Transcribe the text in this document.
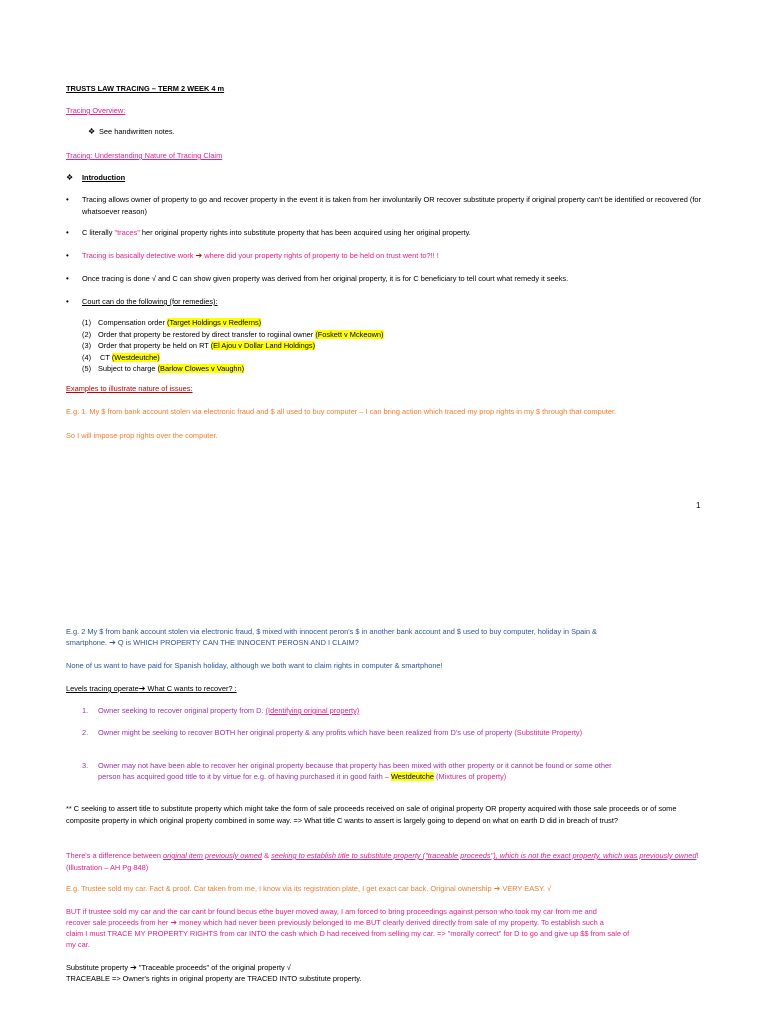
TRUSTS LAW TRACING – TERM 2 WEEK 4 m

Tracing Overview:

❖ See handwritten notes.

Tracing: Understanding Nature of Tracing Claim

❖ Introduction

• Tracing allows owner of property to go and recover property in the event it is taken from her involuntarily OR recover substitute property if original property can't be identified or recovered (for whatsoever reason)

• C literally "traces" her original property rights into substitute property that has been acquired using her original property.

• Tracing is basically detective work ➔ where did your property rights of property to be held on trust went to?!! !

• Once tracing is done √ and C can show given property was derived from her original property, it is for C beneficiary to tell court what remedy it seeks.

• Court can do the following (for remedies):

(1) Compensation order (Target Holdings v Redferns)
(2) Order that property be restored by direct transfer to rogiinal owner (Foskett v Mckeown)
(3) Order that property be held on RT (El Ajou v Dollar Land Holdings)
(4) CT (Westdeutche)
(5) Subject to charge (Barlow Clowes v Vaughn)

Examples to illustrate nature of issues:

E.g. 1. My $ from bank account stolen via electronic fraud and $ all used to buy computer – I can bring action which traced my prop rights in my $ through that computer.

So I will impose prop rights over the computer.

1

E.g. 2 My $ from bank account stolen via electronic fraud, $ mixed with innocent peron's $ in another bank account and $ used to buy computer, holiday in Spain &

smartphone. ➔ Q is WHICH PROPERTY CAN THE INNOCENT PEROSN AND I CLAIM?

None of us want to have paid for Spanish holiday, although we both want to claim rights in computer & smartphone!

Levels tracing operate➔ What C wants to recover? :

1. Owner seeking to recover original property from D. (Identifying original property)

2. Owner might be seeking to recover BOTH her original property & any profits which have been realized from D's use of property (Substitute Property)

3. Owner may not have been able to recover her original property because that property has been mixed with other property or it cannot be found or some other

person has acquired good title to it by virtue for e.g. of having purchased it in good faith – Westdeutche (Mixtures of property)

** C seeking to assert title to substitute property which might take the form of sale proceeds received on sale of original property OR property acquired with those sale proceeds or of some composite property in which original property combined in some way. => What title C wants to assert is largely going to depend on what on earth D did in breach of trust?

There's a difference between original item previously owned & seeking to establish title to substitute property ("traceable proceeds"), which is not the exact property, which was previously owned! (Illustration – AH Pg 848)

E.g. Trustee sold my car. Fact & proof. Car taken from me, I know via its registration plate, I get exact car back. Original ownership ➔ VERY EASY. √

BUT if trustee sold my car and the car cant br found becus ethe buyer moved away, I am forced to bring proceedings against person who took my car from me and

recover sale proceeds from her ➔ money which had never been previously belonged to me BUT clearly derived directly from sale of my property. To establish such a

claim I must TRACE MY PROPERTY RIGHTS from car INTO the cash which D had received from selling my car. => "morally correct" for D to go and give up $$ from sale of

my car.

Substitute property ➔ "Traceable proceeds" of the original property √

TRACEABLE => Owner's rights in original property are TRACED INTO substitute property.
